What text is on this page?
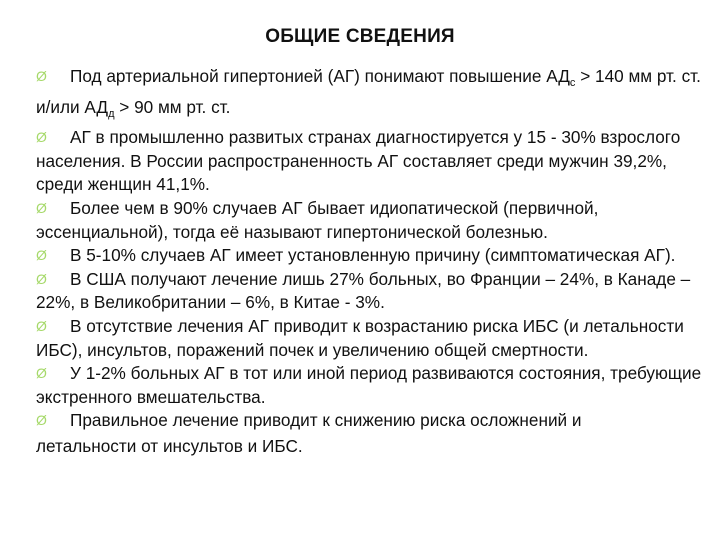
ОБЩИЕ СВЕДЕНИЯ

Ø Под артериальной гипертонией (АГ) понимают повышение $АД_с > 140$ мм рт. ст. и/или $АД_д > 90$ мм рт. ст.

Ø АГ в промышленно развитых странах диагностируется у 15 - 30% взрослого населения. В России распространенность АГ составляет среди мужчин 39,2%, среди женщин 41,1%.

Ø Более чем в 90% случаев АГ бывает идиопатической (первичной, эссенциальной), тогда её называют гипертонической болезнью.

Ø В 5-10% случаев АГ имеет установленную причину (симптоматическая АГ).

Ø В США получают лечение лишь 27% больных, во Франции – 24%, в Канаде – 22%, в Великобритании – 6%, в Китае - 3%.

Ø В отсутствие лечения АГ приводит к возрастанию риска ИБС (и летальности ИБС), инсультов, поражений почек и увеличению общей смертности.

Ø У 1-2% больных АГ в тот или иной период развиваются состояния, требующие экстренного вмешательства.

Ø Правильное лечение приводит к снижению риска осложнений и
летальности от инсультов и ИБС.
